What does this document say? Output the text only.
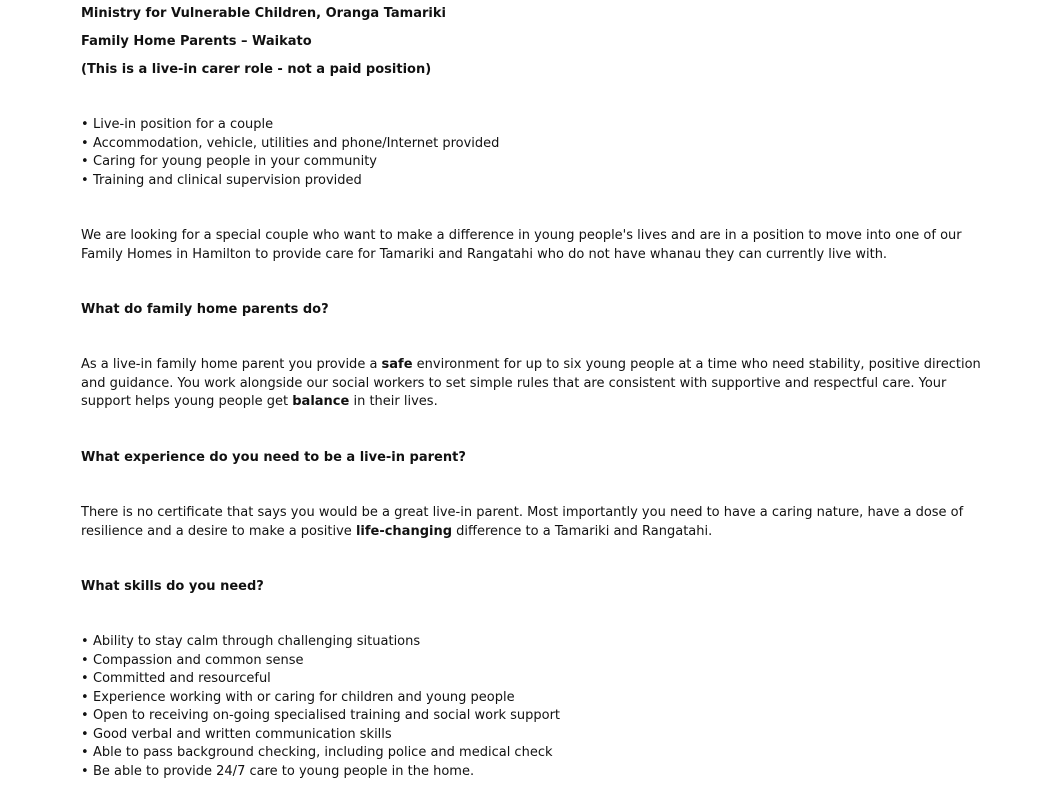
Ministry for Vulnerable Children, Oranga Tamariki

Family Home Parents – Waikato

(This is a live-in carer role - not a paid position)

• Live-in position for a couple
• Accommodation, vehicle, utilities and phone/Internet provided
• Caring for young people in your community
• Training and clinical supervision provided

We are looking for a special couple who want to make a difference in young people's lives and are in a position to move into one of our Family Homes in Hamilton to provide care for Tamariki and Rangatahi who do not have whanau they can currently live with.

What do family home parents do?

As a live-in family home parent you provide a safe environment for up to six young people at a time who need stability, positive direction and guidance. You work alongside our social workers to set simple rules that are consistent with supportive and respectful care. Your support helps young people get balance in their lives.

What experience do you need to be a live-in parent?

There is no certificate that says you would be a great live-in parent. Most importantly you need to have a caring nature, have a dose of resilience and a desire to make a positive life-changing difference to a Tamariki and Rangatahi.

What skills do you need?

• Ability to stay calm through challenging situations
• Compassion and common sense
• Committed and resourceful
• Experience working with or caring for children and young people
• Open to receiving on-going specialised training and social work support
• Good verbal and written communication skills
• Able to pass background checking, including police and medical check
• Be able to provide 24/7 care to young people in the home.
